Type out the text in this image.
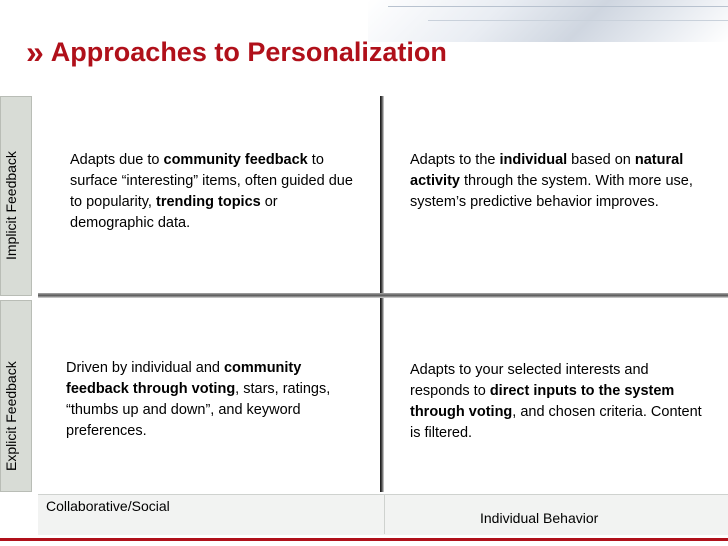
» Approaches to Personalization
Implicit Feedback
Explicit Feedback
Adapts due to community feedback to surface “interesting” items, often guided due to popularity, trending topics or demographic data.
Adapts to the individual based on natural activity through the system. With more use, system’s predictive behavior improves.
Driven by individual and community feedback through voting, stars, ratings, “thumbs up and down”, and keyword preferences.
Adapts to your selected interests and responds to direct inputs to the system through voting, and chosen criteria. Content is filtered.
Collaborative/Social
Individual Behavior
